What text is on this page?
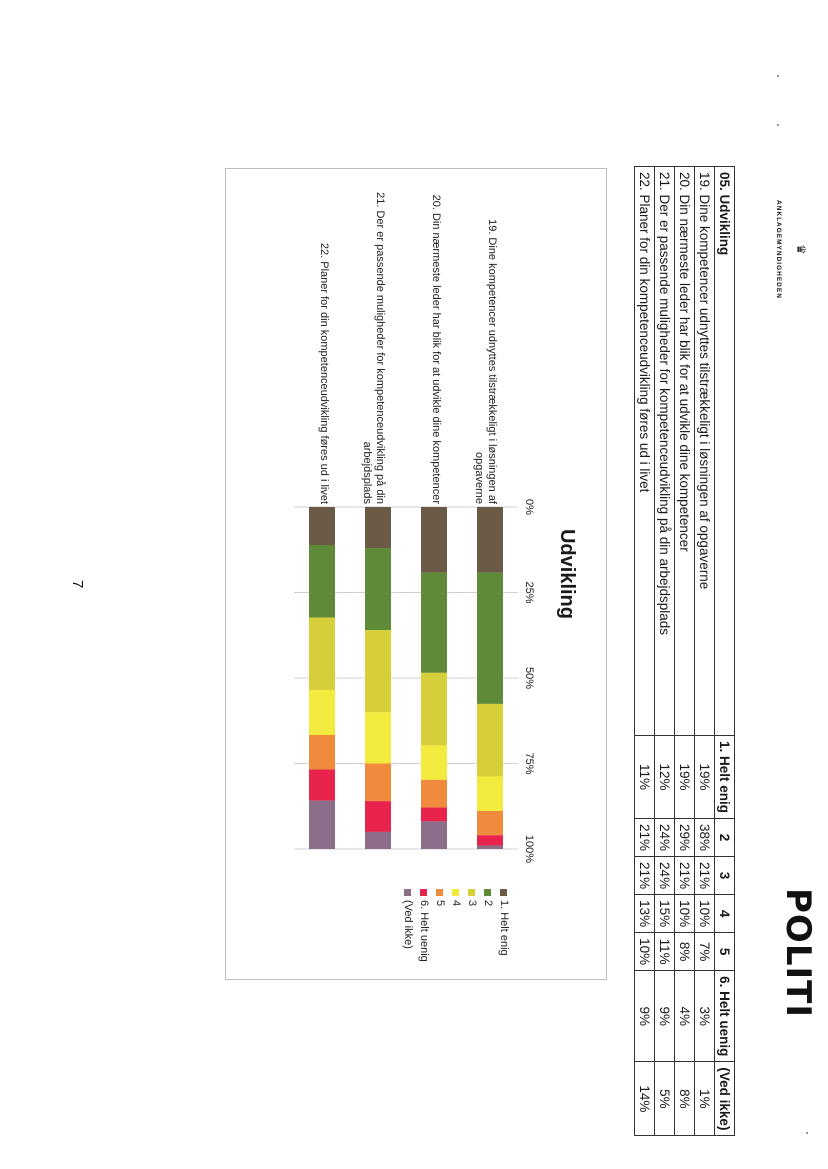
POLITI
♛
ANKLAGEMYNDIGHEDEN
05. Udvikling	1. Helt enig	2	3	4	5	6. Helt uenig	(Ved ikke)
19. Dine kompetencer udnyttes tilstrækkeligt i løsningen af opgaverne	19%	38%	21%	10%	7%	3%	1%
20. Din nærmeste leder har blik for at udvikle dine kompetencer	19%	29%	21%	10%	8%	4%	8%
21. Der er passende muligheder for kompetenceudvikling på din arbejdsplads	12%	24%	24%	15%	11%	9%	5%
22. Planer for din kompetenceudvikling føres ud i livet	11%	21%	21%	13%	10%	9%	14%
Udvikling
0%
25%
50%
75%
100%
19. Dine kompetencer udnyttes tilstrækkeligt i løsningen af opgaverne
20. Din nærmeste leder har blik for at udvikle dine kompetencer
21. Der er passende muligheder for kompetenceudvikling på din arbejdsplads
22. Planer for din kompetenceudvikling føres ud i livet
1. Helt enig
2
3
4
5
6. Helt uenig
(Ved ikke)
7
